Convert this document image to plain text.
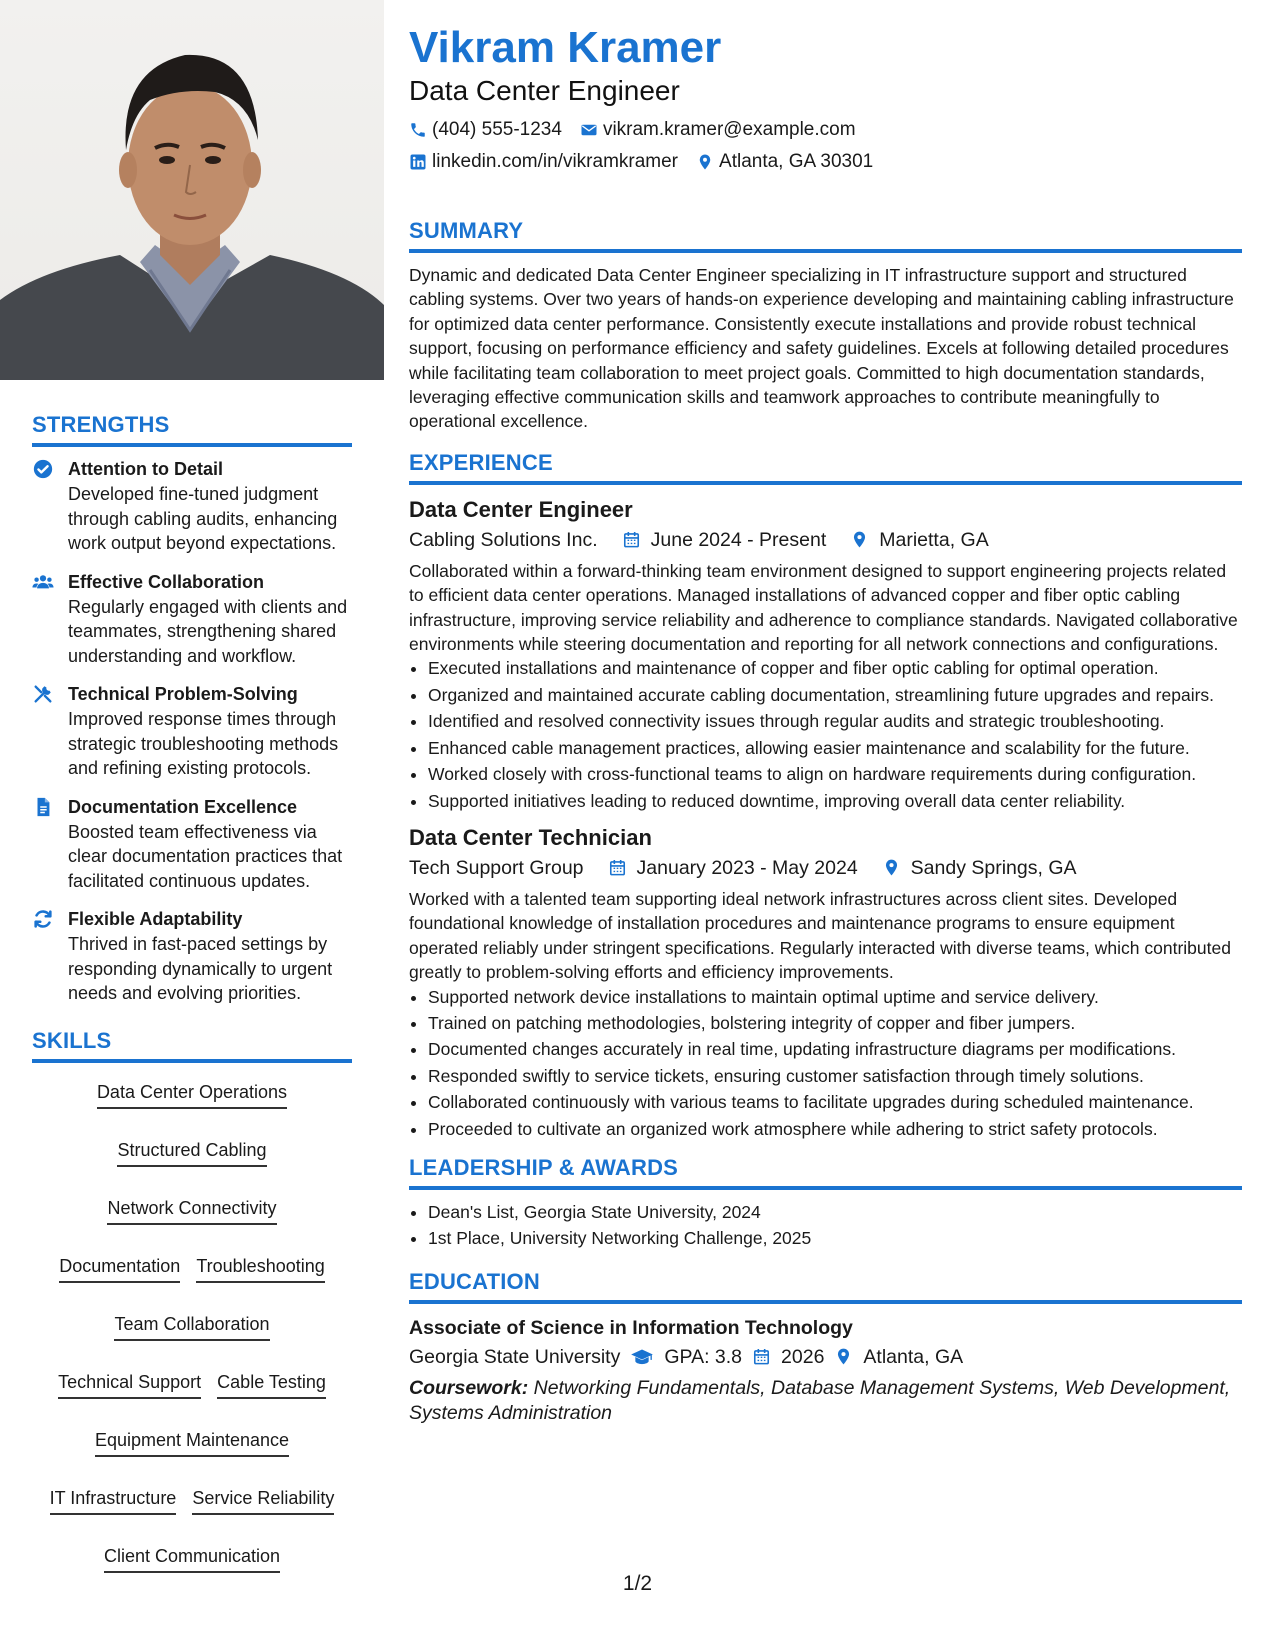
STRENGTHS
Attention to Detail
Developed fine-tuned judgment through cabling audits, enhancing work output beyond expectations.
Effective Collaboration
Regularly engaged with clients and teammates, strengthening shared understanding and workflow.
Technical Problem-Solving
Improved response times through strategic troubleshooting methods and refining existing protocols.
Documentation Excellence
Boosted team effectiveness via clear documentation practices that facilitated continuous updates.
Flexible Adaptability
Thrived in fast-paced settings by responding dynamically to urgent needs and evolving priorities.
SKILLS
Data Center Operations
Structured Cabling
Network Connectivity
Documentation Troubleshooting
Team Collaboration
Technical Support Cable Testing
Equipment Maintenance
IT Infrastructure Service Reliability
Client Communication
Vikram Kramer
Data Center Engineer
(404) 555-1234 vikram.kramer@example.com
linkedin.com/in/vikramkramer Atlanta, GA 30301
SUMMARY

Dynamic and dedicated Data Center Engineer specializing in IT infrastructure support and structured cabling systems. Over two years of hands-on experience developing and maintaining cabling infrastructure for optimized data center performance. Consistently execute installations and provide robust technical support, focusing on performance efficiency and safety guidelines. Excels at following detailed procedures while facilitating team collaboration to meet project goals. Committed to high documentation standards, leveraging effective communication skills and teamwork approaches to contribute meaningfully to operational excellence.

EXPERIENCE
Data Center Engineer
Cabling Solutions Inc.	June 2024 - Present	Marietta, GA

Collaborated within a forward-thinking team environment designed to support engineering projects related to efficient data center operations. Managed installations of advanced copper and fiber optic cabling infrastructure, improving service reliability and adherence to compliance standards. Navigated collaborative environments while steering documentation and reporting for all network connections and configurations.

• Executed installations and maintenance of copper and fiber optic cabling for optimal operation.
• Organized and maintained accurate cabling documentation, streamlining future upgrades and repairs.
• Identified and resolved connectivity issues through regular audits and strategic troubleshooting.
• Enhanced cable management practices, allowing easier maintenance and scalability for the future.
• Worked closely with cross-functional teams to align on hardware requirements during configuration.
• Supported initiatives leading to reduced downtime, improving overall data center reliability.
Data Center Technician
Tech Support Group	January 2023 - May 2024	Sandy Springs, GA

Worked with a talented team supporting ideal network infrastructures across client sites. Developed foundational knowledge of installation procedures and maintenance programs to ensure equipment operated reliably under stringent specifications. Regularly interacted with diverse teams, which contributed greatly to problem-solving efforts and efficiency improvements.

• Supported network device installations to maintain optimal uptime and service delivery.
• Trained on patching methodologies, bolstering integrity of copper and fiber jumpers.
• Documented changes accurately in real time, updating infrastructure diagrams per modifications.
• Responded swiftly to service tickets, ensuring customer satisfaction through timely solutions.
• Collaborated continuously with various teams to facilitate upgrades during scheduled maintenance.
• Proceeded to cultivate an organized work atmosphere while adhering to strict safety protocols.
LEADERSHIP & AWARDS
• Dean's List, Georgia State University, 2024
• 1st Place, University Networking Challenge, 2025
EDUCATION
Associate of Science in Information Technology
Georgia State University GPA: 3.8 2026 Atlanta, GA
Coursework: Networking Fundamentals, Database Management Systems, Web Development, Systems Administration
1/2
